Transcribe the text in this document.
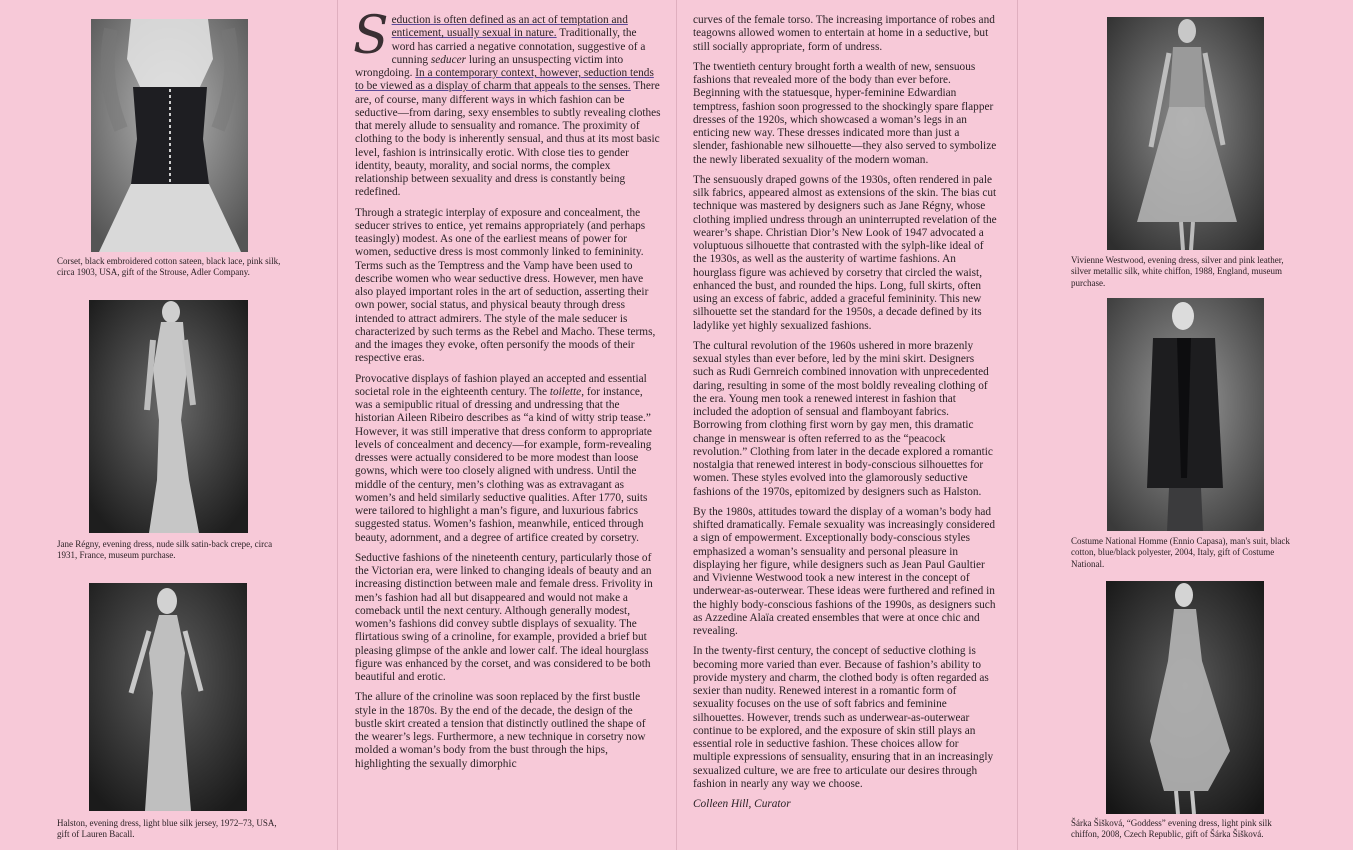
Corset, black embroidered cotton sateen, black lace, pink silk, circa 1903, USA, gift of the Strouse, Adler Company.
Jane Régny, evening dress, nude silk satin-back crepe, circa 1931, France, museum purchase.
Halston, evening dress, light blue silk jersey, 1972–73, USA, gift of Lauren Bacall.
Vivienne Westwood, evening dress, silver and pink leather, silver metallic silk, white chiffon, 1988, England, museum purchase.
Costume National Homme (Ennio Capasa), man's suit, black cotton, blue/black polyester, 2004, Italy, gift of Costume National.
Šárka Šišková, “Goddess” evening dress, light pink silk chiffon, 2008, Czech Republic, gift of Šárka Šišková.

Seduction is often defined as an act of temptation and enticement, usually sexual in nature. Traditionally, the word has carried a negative connotation, suggestive of a cunning seducer luring an unsuspecting victim into wrongdoing. In a contemporary context, however, seduction tends to be viewed as a display of charm that appeals to the senses. There are, of course, many different ways in which fashion can be seductive—from daring, sexy ensembles to subtly revealing clothes that merely allude to sensuality and romance. The proximity of clothing to the body is inherently sensual, and thus at its most basic level, fashion is intrinsically erotic. With close ties to gender identity, beauty, morality, and social norms, the complex relationship between sexuality and dress is constantly being redefined.

Through a strategic interplay of exposure and concealment, the seducer strives to entice, yet remains appropriately (and perhaps teasingly) modest. As one of the earliest means of power for women, seductive dress is most commonly linked to femininity. Terms such as the Temptress and the Vamp have been used to describe women who wear seductive dress. However, men have also played important roles in the art of seduction, asserting their own power, social status, and physical beauty through dress intended to attract admirers. The style of the male seducer is characterized by such terms as the Rebel and Macho. These terms, and the images they evoke, often personify the moods of their respective eras.

Provocative displays of fashion played an accepted and essential societal role in the eighteenth century. The toilette, for instance, was a semipublic ritual of dressing and undressing that the historian Aileen Ribeiro describes as “a kind of witty strip tease.” However, it was still imperative that dress conform to appropriate levels of concealment and decency—for example, form-revealing dresses were actually considered to be more modest than loose gowns, which were too closely aligned with undress. Until the middle of the century, men’s clothing was as extravagant as women’s and held similarly seductive qualities. After 1770, suits were tailored to highlight a man’s figure, and luxurious fabrics suggested status. Women’s fashion, meanwhile, enticed through beauty, adornment, and a degree of artifice created by corsetry.

Seductive fashions of the nineteenth century, particularly those of the Victorian era, were linked to changing ideals of beauty and an increasing distinction between male and female dress. Frivolity in men’s fashion had all but disappeared and would not make a comeback until the next century. Although generally modest, women’s fashions did convey subtle displays of sexuality. The flirtatious swing of a crinoline, for example, provided a brief but pleasing glimpse of the ankle and lower calf. The ideal hourglass figure was enhanced by the corset, and was considered to be both beautiful and erotic.

The allure of the crinoline was soon replaced by the first bustle style in the 1870s. By the end of the decade, the design of the bustle skirt created a tension that distinctly outlined the shape of the wearer’s legs. Furthermore, a new technique in corsetry now molded a woman’s body from the bust through the hips, highlighting the sexually dimorphic

curves of the female torso. The increasing importance of robes and teagowns allowed women to entertain at home in a seductive, but still socially appropriate, form of undress.

The twentieth century brought forth a wealth of new, sensuous fashions that revealed more of the body than ever before. Beginning with the statuesque, hyper-feminine Edwardian temptress, fashion soon progressed to the shockingly spare flapper dresses of the 1920s, which showcased a woman’s legs in an enticing new way. These dresses indicated more than just a slender, fashionable new silhouette—they also served to symbolize the newly liberated sexuality of the modern woman.

The sensuously draped gowns of the 1930s, often rendered in pale silk fabrics, appeared almost as extensions of the skin. The bias cut technique was mastered by designers such as Jane Régny, whose clothing implied undress through an uninterrupted revelation of the wearer’s shape. Christian Dior’s New Look of 1947 advocated a voluptuous silhouette that contrasted with the sylph-like ideal of the 1930s, as well as the austerity of wartime fashions. An hourglass figure was achieved by corsetry that circled the waist, enhanced the bust, and rounded the hips. Long, full skirts, often using an excess of fabric, added a graceful femininity. This new silhouette set the standard for the 1950s, a decade defined by its ladylike yet highly sexualized fashions.

The cultural revolution of the 1960s ushered in more brazenly sexual styles than ever before, led by the mini skirt. Designers such as Rudi Gernreich combined innovation with unprecedented daring, resulting in some of the most boldly revealing clothing of the era. Young men took a renewed interest in fashion that included the adoption of sensual and flamboyant fabrics. Borrowing from clothing first worn by gay men, this dramatic change in menswear is often referred to as the “peacock revolution.” Clothing from later in the decade explored a romantic nostalgia that renewed interest in body-conscious silhouettes for women. These styles evolved into the glamorously seductive fashions of the 1970s, epitomized by designers such as Halston.

By the 1980s, attitudes toward the display of a woman’s body had shifted dramatically. Female sexuality was increasingly considered a sign of empowerment. Exceptionally body-conscious styles emphasized a woman’s sensuality and personal pleasure in displaying her figure, while designers such as Jean Paul Gaultier and Vivienne Westwood took a new interest in the concept of underwear-as-outerwear. These ideas were furthered and refined in the highly body-conscious fashions of the 1990s, as designers such as Azzedine Alaïa created ensembles that were at once chic and revealing.

In the twenty-first century, the concept of seductive clothing is becoming more varied than ever. Because of fashion’s ability to provide mystery and charm, the clothed body is often regarded as sexier than nudity. Renewed interest in a romantic form of sexuality focuses on the use of soft fabrics and feminine silhouettes. However, trends such as underwear-as-outerwear continue to be explored, and the exposure of skin still plays an essential role in seductive fashion. These choices allow for multiple expressions of sensuality, ensuring that in an increasingly sexualized culture, we are free to articulate our desires through fashion in nearly any way we choose.

Colleen Hill, Curator
